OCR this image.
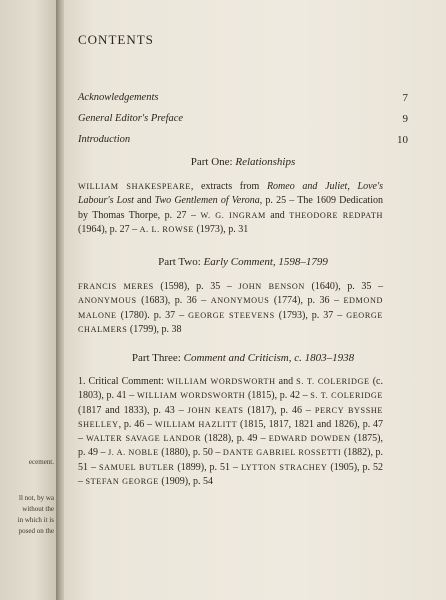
ecement.
ll not, by wa
without the
in which it is
posed on the
CONTENTS
Acknowledgements	7
General Editor's Preface	9
Introduction	10
Part One: Relationships
WILLIAM SHAKESPEARE, extracts from Romeo and Juliet, Love's Labour's Lost and Two Gentlemen of Verona, p. 25 – The 1609 Dedication by Thomas Thorpe, p. 27 – W. G. INGRAM and THEODORE REDPATH (1964), p. 27 – A. L. ROWSE (1973), p. 31
Part Two: Early Comment, 1598–1799
FRANCIS MERES (1598), p. 35 – JOHN BENSON (1640), p. 35 – ANONYMOUS (1683), p. 36 – ANONYMOUS (1774), p. 36 – EDMOND MALONE (1780). p. 37 – GEORGE STEEVENS (1793), p. 37 – GEORGE CHALMERS (1799), p. 38
Part Three: Comment and Criticism, c. 1803–1938
1. Critical Comment: WILLIAM WORDSWORTH and S. T. COLERIDGE (c. 1803), p. 41 – WILLIAM WORDSWORTH (1815), p. 42 – S. T. COLERIDGE (1817 and 1833), p. 43 – JOHN KEATS (1817), p. 46 – PERCY BYSSHE SHELLEY, p. 46 – WILLIAM HAZLITT (1815, 1817, 1821 and 1826), p. 47 – WALTER SAVAGE LANDOR (1828), p. 49 – EDWARD DOWDEN (1875), p. 49 – J. A. NOBLE (1880), p. 50 – DANTE GABRIEL ROSSETTI (1882), p. 51 – SAMUEL BUTLER (1899), p. 51 – LYTTON STRACHEY (1905), p. 52 – STEFAN GEORGE (1909), p. 54
